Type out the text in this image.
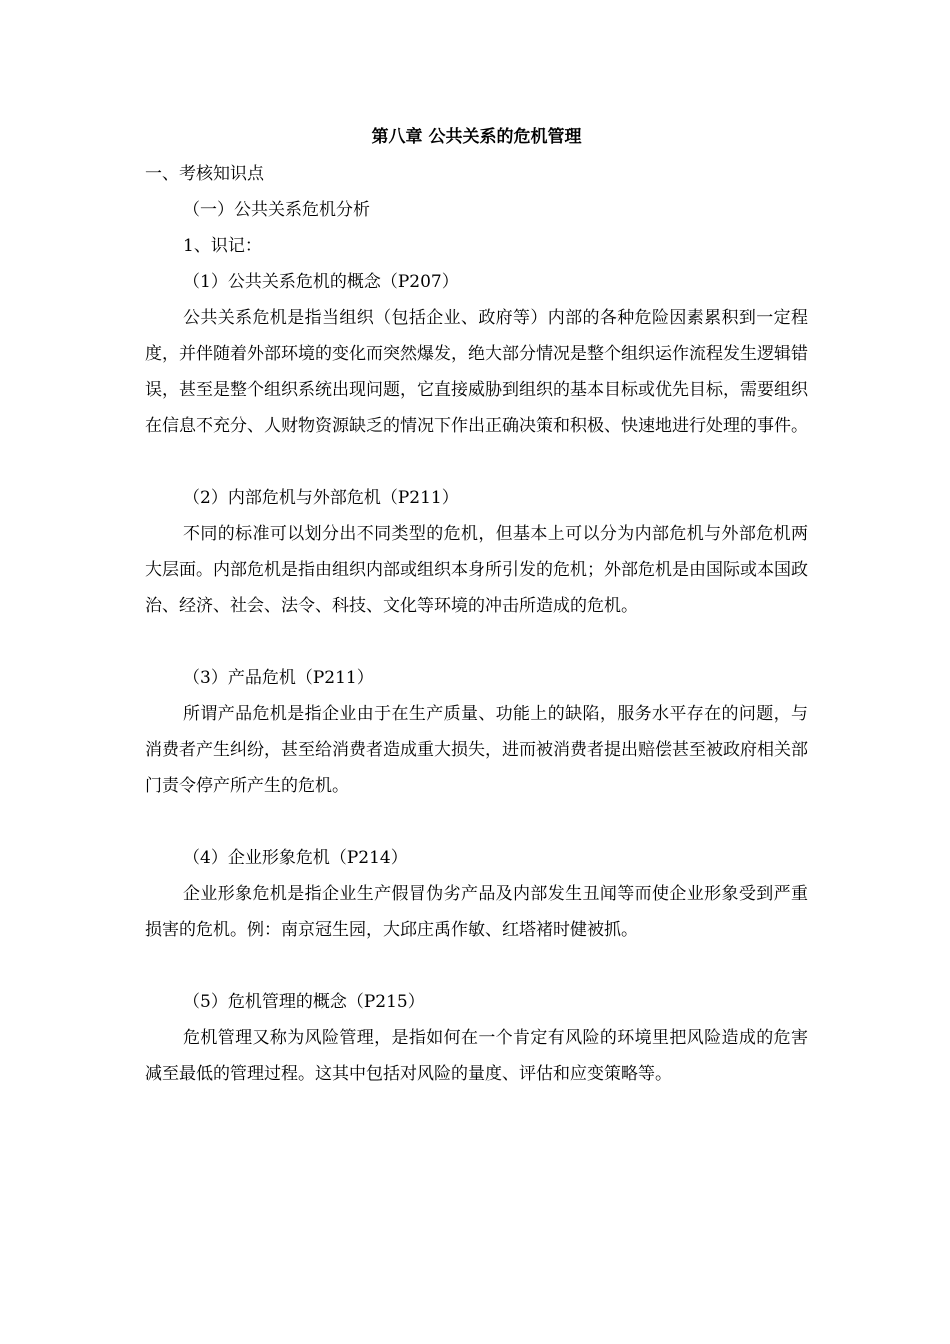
第八章 公共关系的危机管理

一、考核知识点

（一）公共关系危机分析

1、识记：

（1）公共关系危机的概念（P207）

公共关系危机是指当组织（包括企业、政府等）内部的各种危险因素累积到一定程度，并伴随着外部环境的变化而突然爆发，绝大部分情况是整个组织运作流程发生逻辑错误，甚至是整个组织系统出现问题，它直接威胁到组织的基本目标或优先目标，需要组织在信息不充分、人财物资源缺乏的情况下作出正确决策和积极、快速地进行处理的事件。

（2）内部危机与外部危机（P211）

不同的标准可以划分出不同类型的危机，但基本上可以分为内部危机与外部危机两大层面。内部危机是指由组织内部或组织本身所引发的危机；外部危机是由国际或本国政治、经济、社会、法令、科技、文化等环境的冲击所造成的危机。

（3）产品危机（P211）

所谓产品危机是指企业由于在生产质量、功能上的缺陷，服务水平存在的问题，与消费者产生纠纷，甚至给消费者造成重大损失，进而被消费者提出赔偿甚至被政府相关部门责令停产所产生的危机。

（4）企业形象危机（P214）

企业形象危机是指企业生产假冒伪劣产品及内部发生丑闻等而使企业形象受到严重损害的危机。例：南京冠生园，大邱庄禹作敏、红塔褚时健被抓。

（5）危机管理的概念（P215）

危机管理又称为风险管理，是指如何在一个肯定有风险的环境里把风险造成的危害减至最低的管理过程。这其中包括对风险的量度、评估和应变策略等。
